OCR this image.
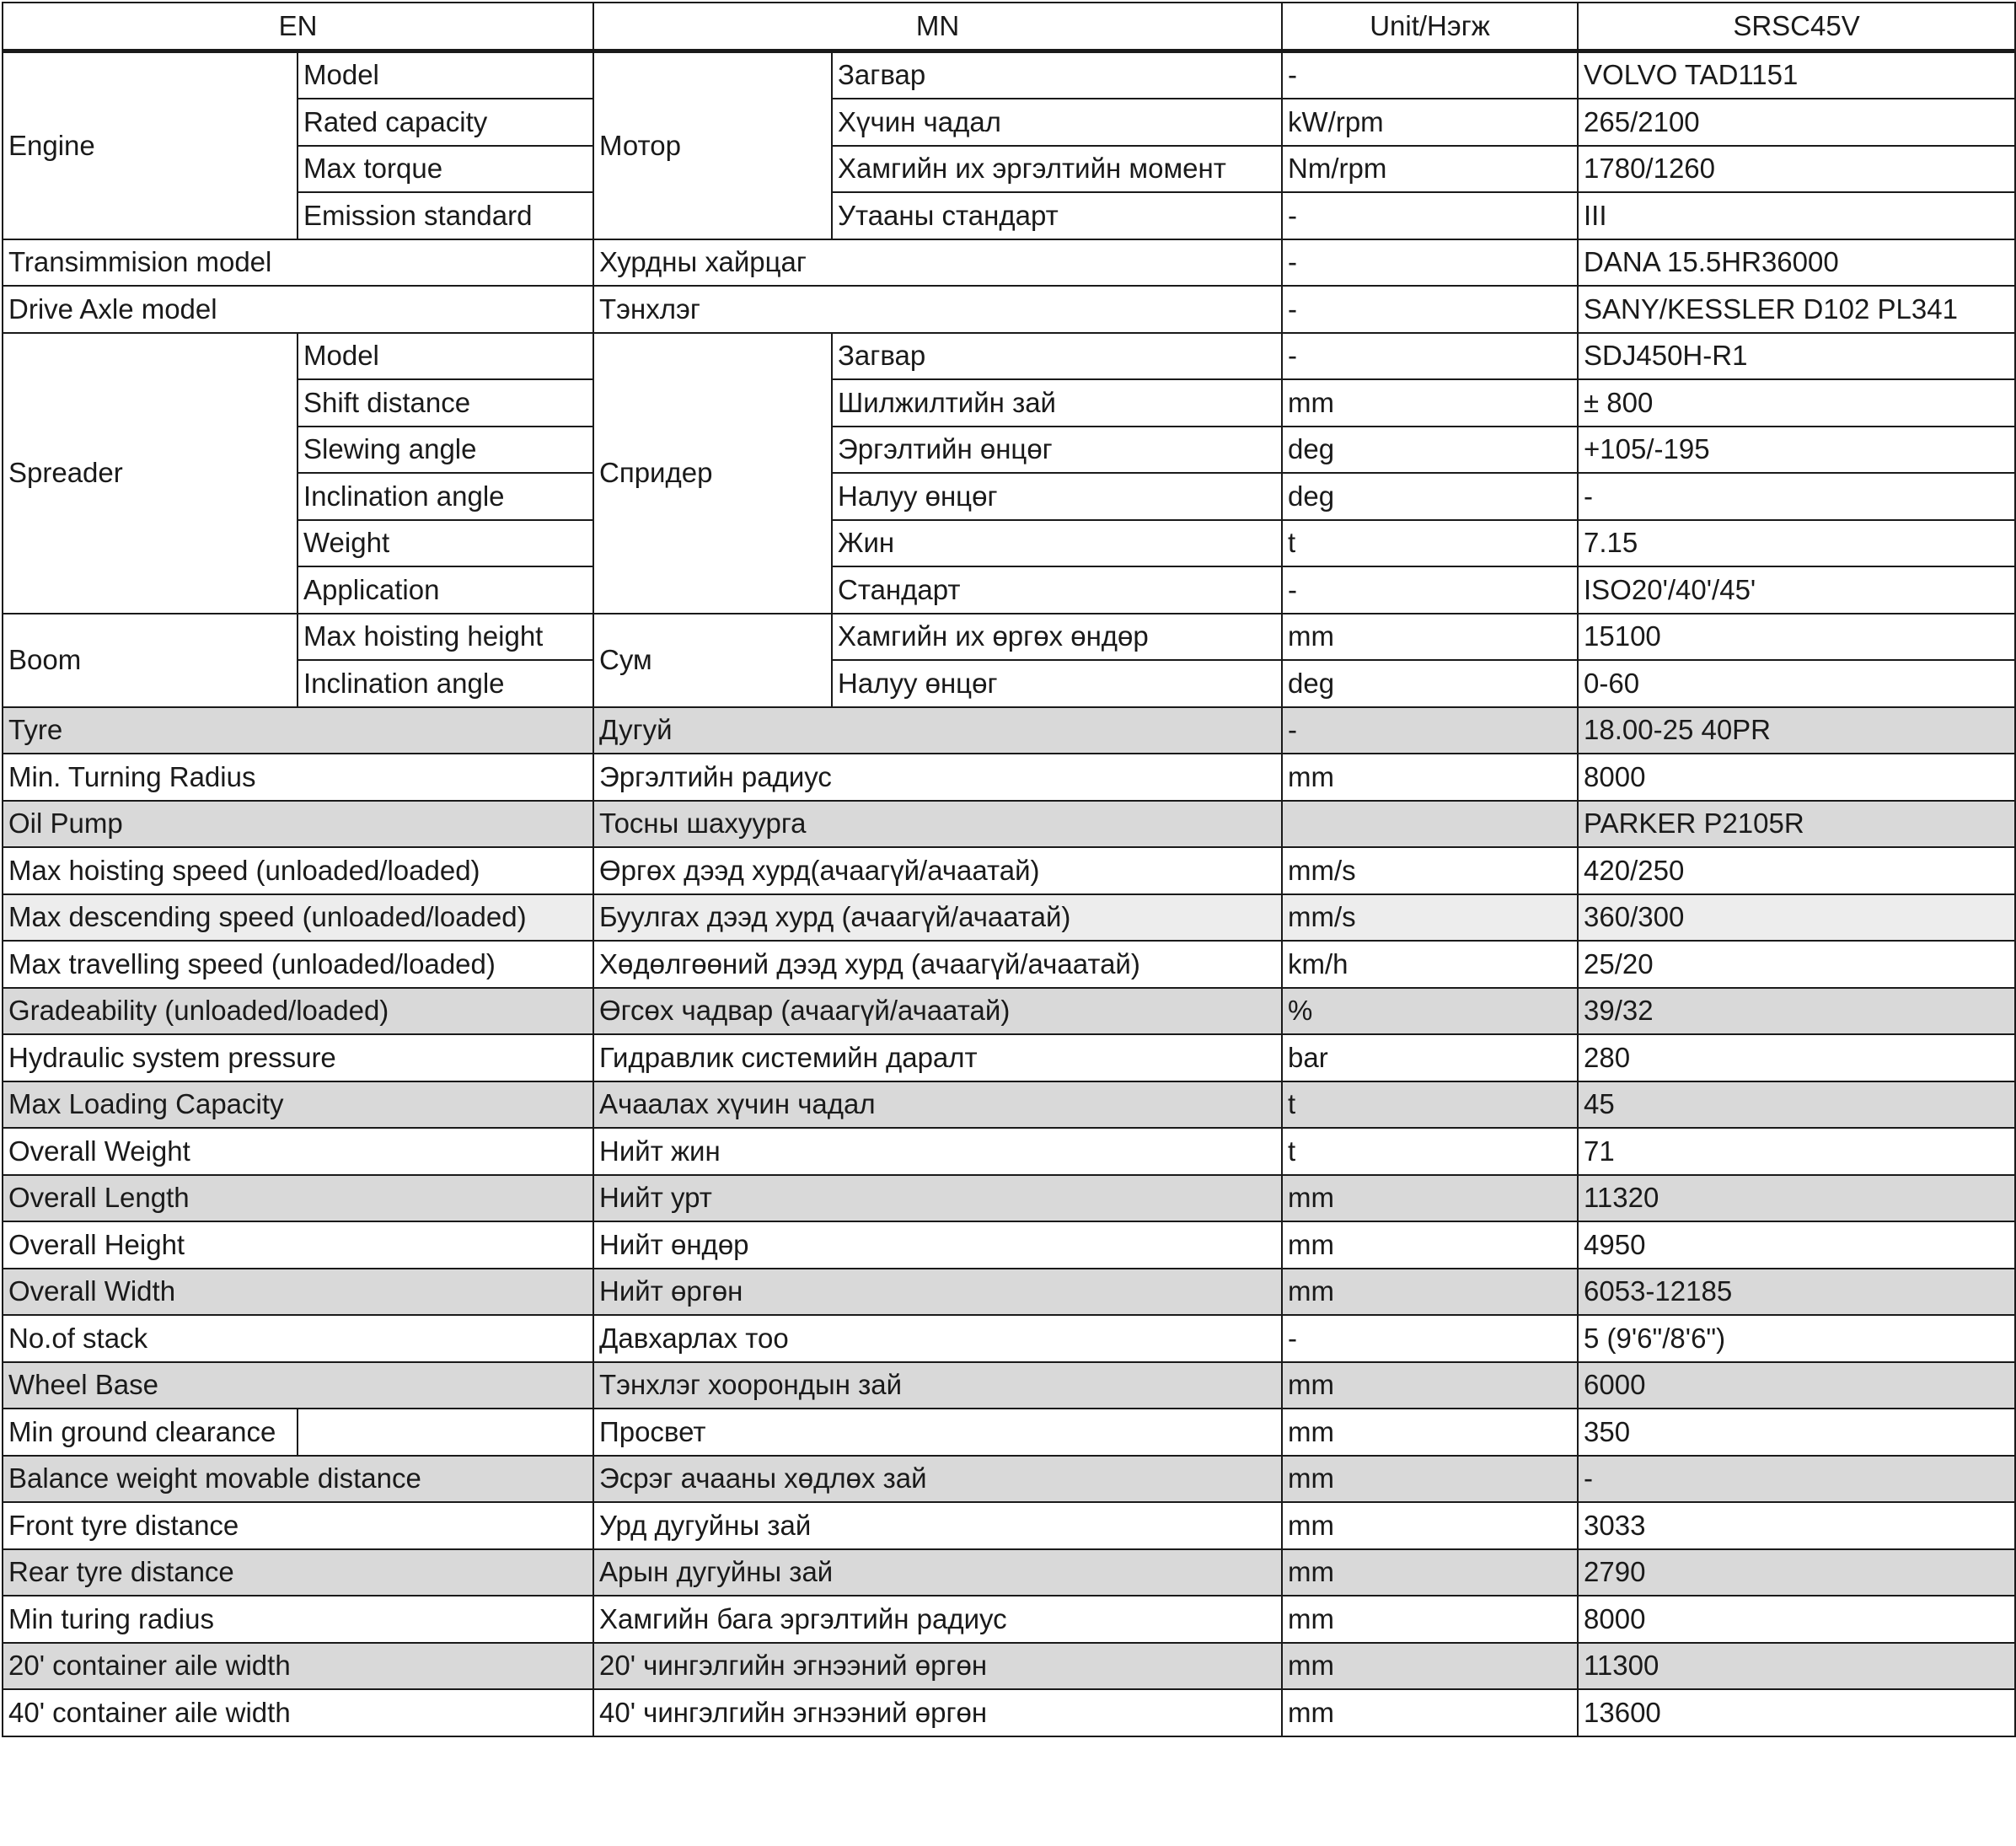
EN		MN		Unit/Нэгж	SRSC45V
Engine	Model	Мотор	Загвар	-	VOLVO TAD1151
	Rated capacity		Хүчин чадал	kW/rpm	265/2100
	Max torque		Хамгийн их эргэлтийн момент	Nm/rpm	1780/1260
	Emission standard		Утааны стандарт	-	III
Transimmision model		Хурдны хайрцаг		-	DANA 15.5HR36000
Drive Axle model		Тэнхлэг		-	SANY/KESSLER D102 PL341
Spreader	Model	Спридер	Загвар	-	SDJ450H-R1
	Shift distance		Шилжилтийн зай	mm	± 800
	Slewing angle		Эргэлтийн өнцөг	deg	+105/-195
	Inclination angle		Налуу өнцөг	deg	-
	Weight		Жин	t	7.15
	Application		Стандарт	-	ISO20'/40'/45'
Boom	Max hoisting height	Сум	Хамгийн их өргөх өндөр	mm	15100
	Inclination angle		Налуу өнцөг	deg	0-60
Tyre		Дугуй		-	18.00-25 40PR
Min. Turning Radius		Эргэлтийн радиус		mm	8000
Oil Pump		Тосны шахуурга			PARKER P2105R
Max hoisting speed (unloaded/loaded)		Өргөх дээд хурд(ачаагүй/ачаатай)		mm/s	420/250
Max descending speed (unloaded/loaded)		Буулгах дээд хурд (ачаагүй/ачаатай)		mm/s	360/300
Max travelling speed (unloaded/loaded)		Хөдөлгөөний дээд хурд (ачаагүй/ачаатай)		km/h	25/20
Gradeability (unloaded/loaded)		Өгсөх чадвар (ачаагүй/ачаатай)		%	39/32
Hydraulic system pressure		Гидравлик системийн даралт		bar	280
Max Loading Capacity		Ачаалах хүчин чадал		t	45
Overall Weight		Нийт жин		t	71
Overall Length		Нийт урт		mm	11320
Overall Height		Нийт өндөр		mm	4950
Overall Width		Нийт өргөн		mm	6053-12185
No.of stack		Давхарлах тоо		-	5 (9'6"/8'6")
Wheel Base		Тэнхлэг хоорондын зай		mm	6000
Min ground clearance		Просвет		mm	350
Balance weight movable distance		Эсрэг ачааны хөдлөх зай		mm	-
Front tyre distance		Урд дугуйны зай		mm	3033
Rear tyre distance		Арын дугуйны зай		mm	2790
Min turing radius		Хамгийн бага эргэлтийн радиус		mm	8000
20' container aile width		20' чингэлгийн эгнээний өргөн		mm	11300
40' container aile width		40' чингэлгийн эгнээний өргөн		mm	13600
